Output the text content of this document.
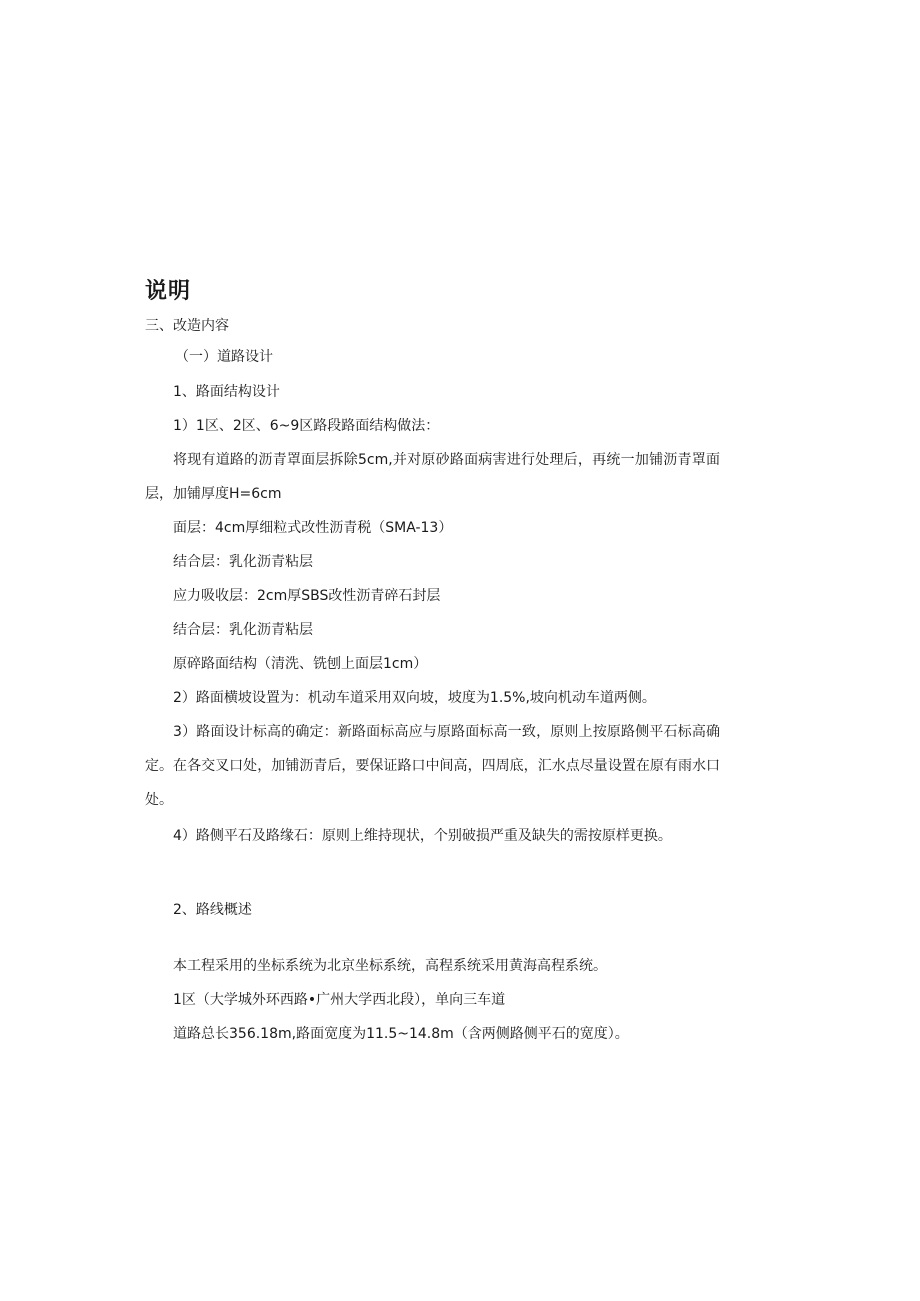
说明

三、改造内容

（一）道路设计

1、路面结构设计

1）1区、2区、6~9区路段路面结构做法：

将现有道路的沥青罩面层拆除5cm,并对原砂路面病害进行处理后，再统一加铺沥青罩面层，加铺厚度H=6cm

面层：4cm厚细粒式改性沥青税（SMA-13）

结合层：乳化沥青粘层

应力吸收层：2cm厚SBS改性沥青碎石封层

结合层：乳化沥青粘层

原碎路面结构（清洗、铣刨上面层1cm）

2）路面横坡设置为：机动车道采用双向坡，坡度为1.5%,坡向机动车道两侧。

3）路面设计标高的确定：新路面标高应与原路面标高一致，原则上按原路侧平石标高确定。在各交叉口处，加铺沥青后，要保证路口中间高，四周底，汇水点尽量设置在原有雨水口处。

4）路侧平石及路缘石：原则上维持现状，个别破损严重及缺失的需按原样更换。

2、路线概述

本工程采用的坐标系统为北京坐标系统，高程系统采用黄海高程系统。

1区（大学城外环西路•广州大学西北段），单向三车道

道路总长356.18m,路面宽度为11.5~14.8m（含两侧路侧平石的宽度）。
